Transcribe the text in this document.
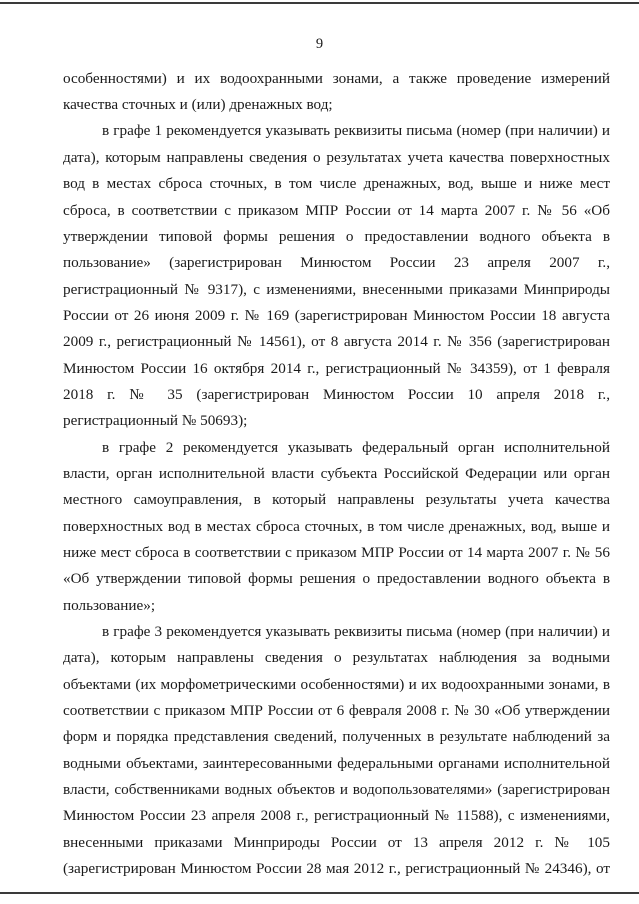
9
особенностями) и их водоохранными зонами, а также проведение измерений
качества сточных и (или) дренажных вод;
в графе 1 рекомендуется указывать реквизиты письма (номер (при наличии) и
дата), которым направлены сведения о результатах учета качества поверхностных
вод в местах сброса сточных, в том числе дренажных, вод, выше и ниже мест
сброса, в соответствии с приказом МПР России от 14 марта 2007 г. № 56 «Об
утверждении типовой формы решения о предоставлении водного объекта в
пользование» (зарегистрирован Минюстом России 23 апреля 2007 г.,
регистрационный № 9317), с изменениями, внесенными приказами Минприроды
России от 26 июня 2009 г. № 169 (зарегистрирован Минюстом России 18 августа
2009 г., регистрационный № 14561), от 8 августа 2014 г. № 356 (зарегистрирован
Минюстом России 16 октября 2014 г., регистрационный № 34359), от 1 февраля
2018 г. № 35 (зарегистрирован Минюстом России 10 апреля 2018 г.,
регистрационный № 50693);
в графе 2 рекомендуется указывать федеральный орган исполнительной
власти, орган исполнительной власти субъекта Российской Федерации или орган
местного самоуправления, в который направлены результаты учета качества
поверхностных вод в местах сброса сточных, в том числе дренажных, вод, выше и
ниже мест сброса в соответствии с приказом МПР России от 14 марта 2007 г. № 56
«Об утверждении типовой формы решения о предоставлении водного объекта в
пользование»;
в графе 3 рекомендуется указывать реквизиты письма (номер (при наличии) и
дата), которым направлены сведения о результатах наблюдения за водными
объектами (их морфометрическими особенностями) и их водоохранными зонами, в
соответствии с приказом МПР России от 6 февраля 2008 г. № 30 «Об утверждении
форм и порядка представления сведений, полученных в результате наблюдений за
водными объектами, заинтересованными федеральными органами исполнительной
власти, собственниками водных объектов и водопользователями» (зарегистрирован
Минюстом России 23 апреля 2008 г., регистрационный № 11588), с изменениями,
внесенными приказами Минприроды России от 13 апреля 2012 г. № 105
(зарегистрирован Минюстом России 28 мая 2012 г., регистрационный № 24346), от
